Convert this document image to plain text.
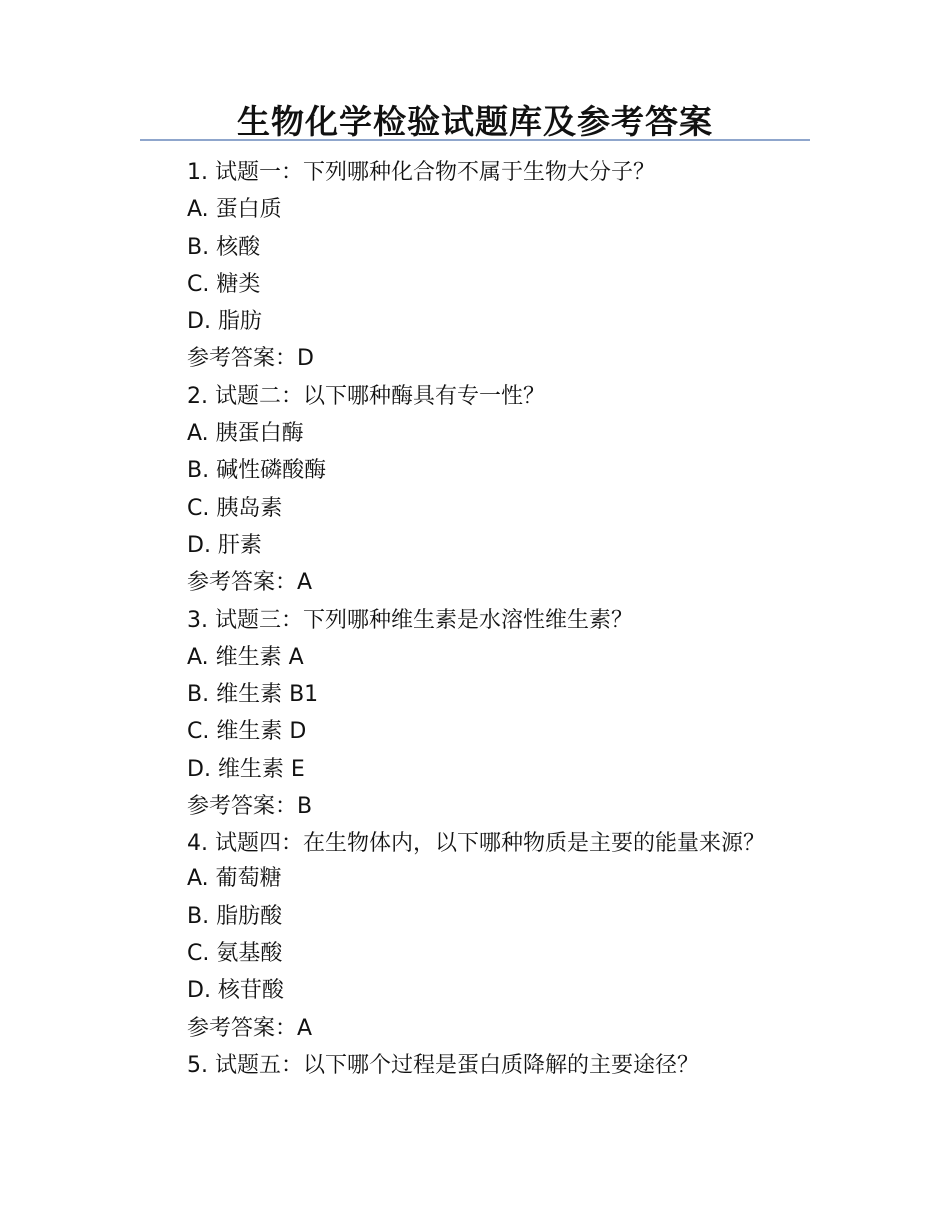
生物化学检验试题库及参考答案

1. 试题一：下列哪种化合物不属于生物大分子？

A. 蛋白质

B. 核酸

C. 糖类

D. 脂肪

参考答案：D

2. 试题二：以下哪种酶具有专一性？

A. 胰蛋白酶

B. 碱性磷酸酶

C. 胰岛素

D. 肝素

参考答案：A

3. 试题三：下列哪种维生素是水溶性维生素？

A. 维生素 A

B. 维生素 B1

C. 维生素 D

D. 维生素 E

参考答案：B

4. 试题四：在生物体内，以下哪种物质是主要的能量来源？

A. 葡萄糖

B. 脂肪酸

C. 氨基酸

D. 核苷酸

参考答案：A

5. 试题五：以下哪个过程是蛋白质降解的主要途径？
